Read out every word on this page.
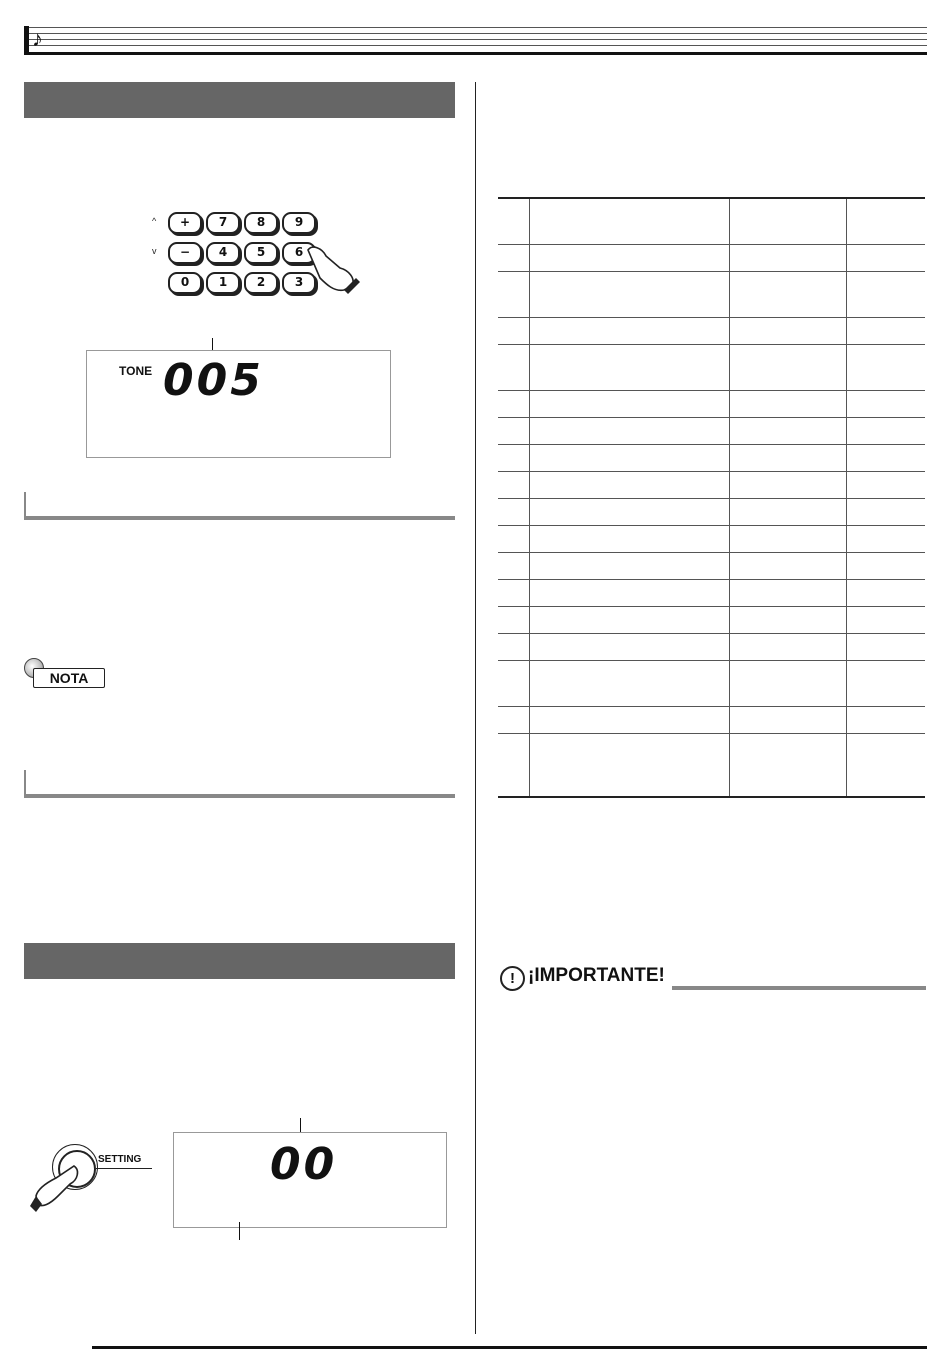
♪
^
v
+	7	8	9
−	4	5	6
0	1	2	3
TONE 005
NOTA
SETTING	00

! ¡IMPORTANTE!
